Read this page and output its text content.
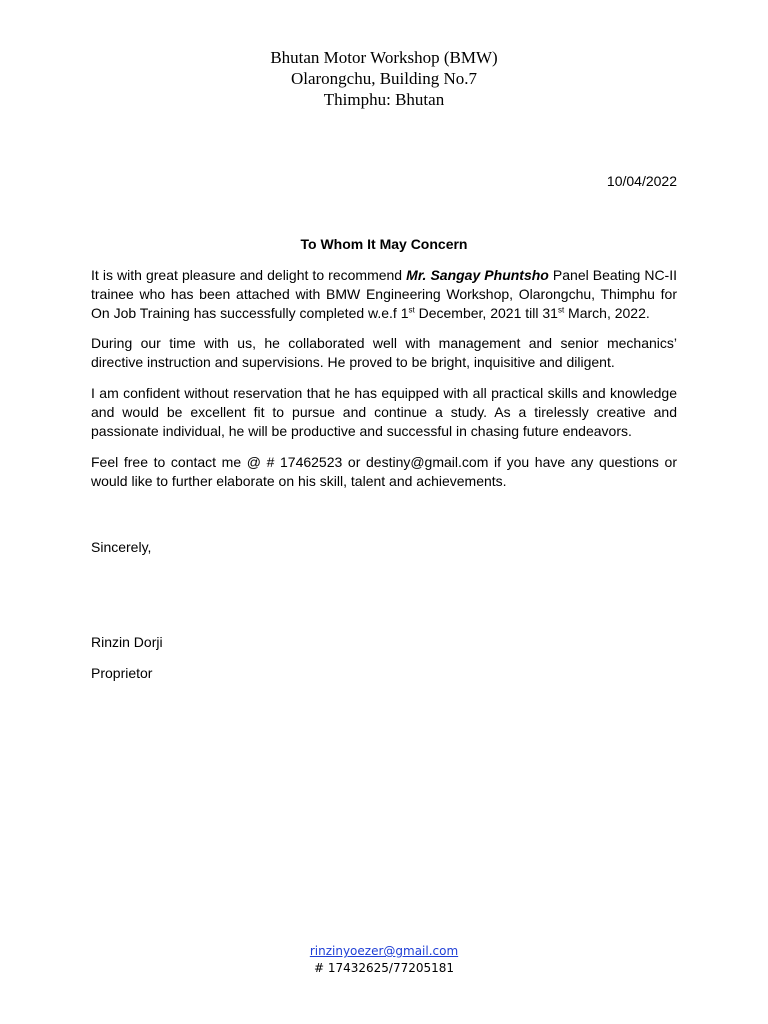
Bhutan Motor Workshop (BMW)
Olarongchu, Building No.7
Thimphu: Bhutan
10/04/2022
To Whom It May Concern

It is with great pleasure and delight to recommend Mr. Sangay Phuntsho Panel Beating NC-II trainee who has been attached with BMW Engineering Workshop, Olarongchu, Thimphu for On Job Training has successfully completed w.e.f 1st December, 2021 till 31st March, 2022.

During our time with us, he collaborated well with management and senior mechanics’ directive instruction and supervisions. He proved to be bright, inquisitive and diligent.

I am confident without reservation that he has equipped with all practical skills and knowledge and would be excellent fit to pursue and continue a study. As a tirelessly creative and passionate individual, he will be productive and successful in chasing future endeavors.

Feel free to contact me @ # 17462523 or destiny@gmail.com if you have any questions or would like to further elaborate on his skill, talent and achievements.

Sincerely,
Rinzin Dorji
Proprietor
rinzinyoezer@gmail.com
# 17432625/77205181
